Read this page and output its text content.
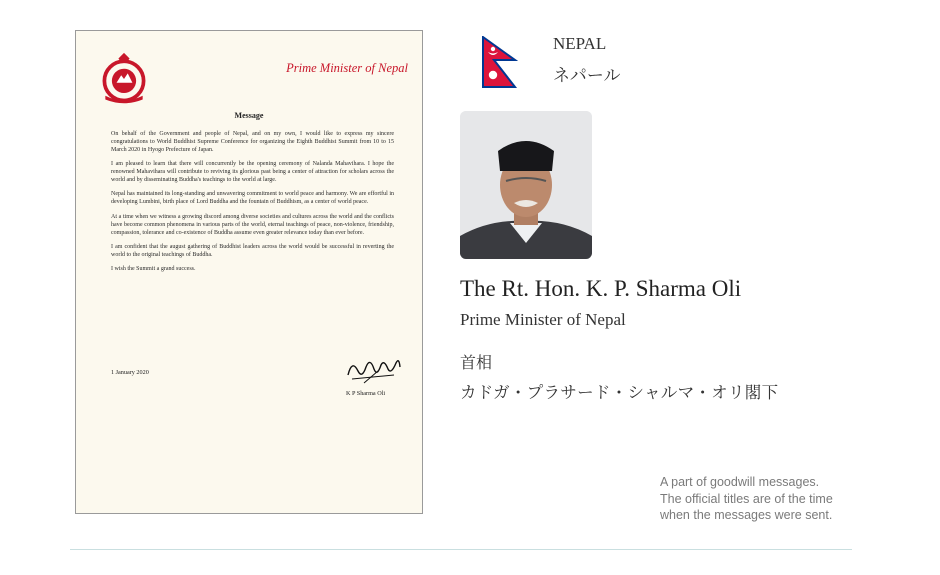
Prime Minister of Nepal
Message

On behalf of the Government and people of Nepal, and on my own, I would like to express my sincere congratulations to World Buddhist Supreme Conference for organizing the Eighth Buddhist Summit from 10 to 15 March 2020 in Hyogo Prefecture of Japan.

I am pleased to learn that there will concurrently be the opening ceremony of Nalanda Mahavihara. I hope the renowned Mahavihara will contribute to reviving its glorious past being a center of attraction for scholars across the world and by disseminating Buddha's teachings to the world at large.

Nepal has maintained its long-standing and unwavering commitment to world peace and harmony. We are effortful in developing Lumbini, birth place of Lord Buddha and the fountain of Buddhism, as a center of world peace.

At a time when we witness a growing discord among diverse societies and cultures across the world and the conflicts have become common phenomena in various parts of the world, eternal teachings of peace, non-violence, friendship, compassion, tolerance and co-existence of Buddha assume even greater relevance today than ever before.

I am confident that the august gathering of Buddhist leaders across the world would be successful in reverting the world to the original teachings of Buddha.

I wish the Summit a grand success.

1 January 2020
K P Sharma Oli
NEPAL
ネパール
The Rt. Hon. K. P. Sharma Oli
Prime Minister of Nepal
首相
カドガ・プラサード・シャルマ・オリ閣下
A part of goodwill messages.
The official titles are of the time
when the messages were sent.
